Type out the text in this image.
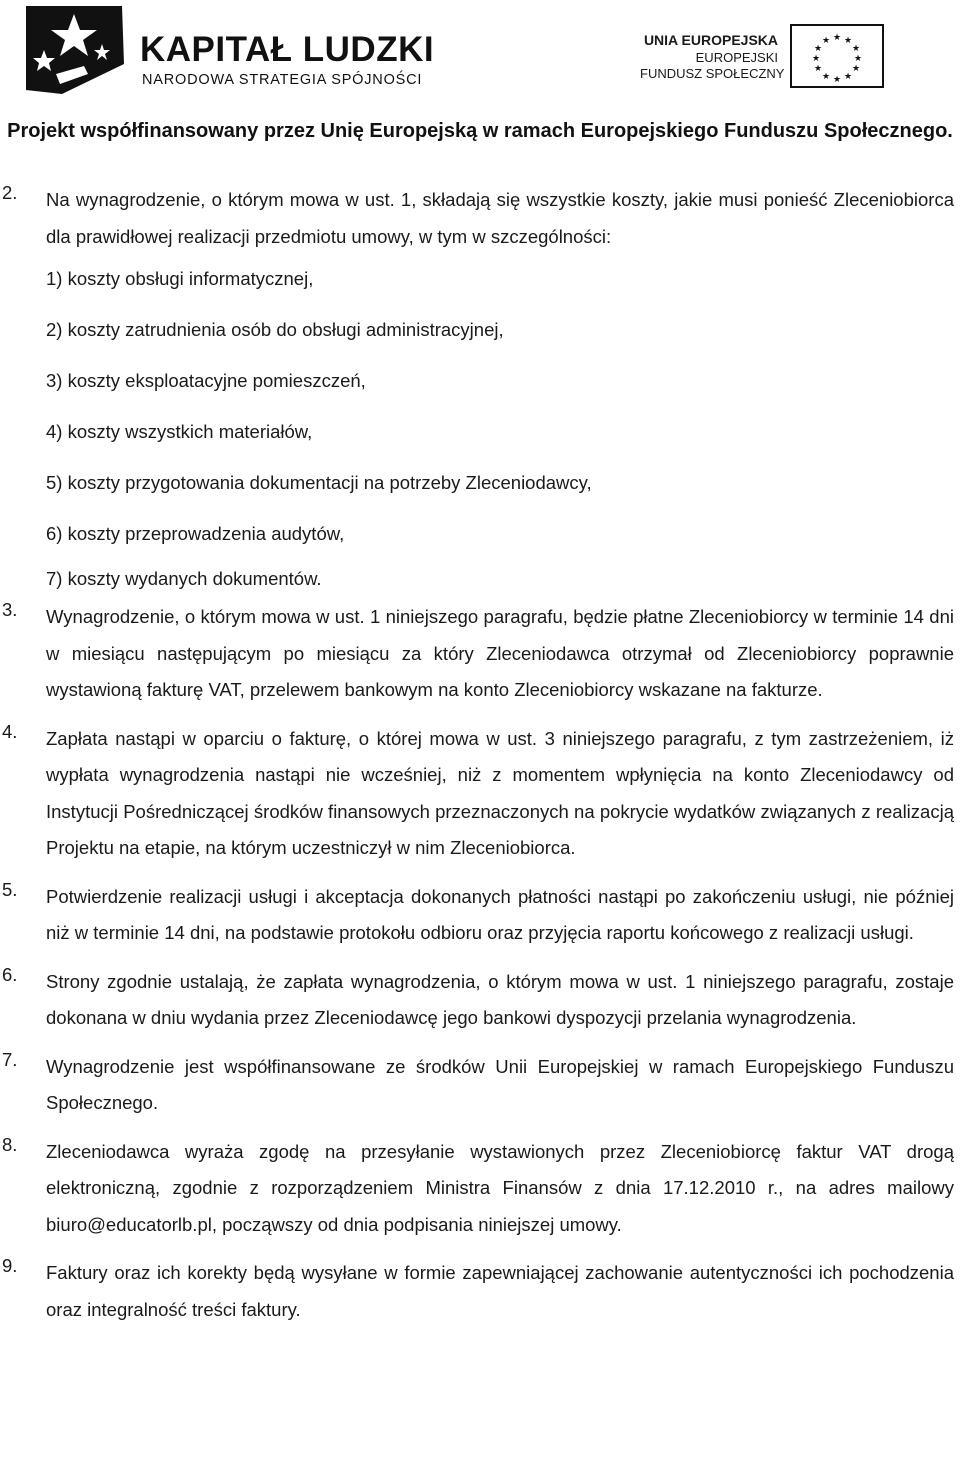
KAPITAŁ LUDZKI
NARODOWA STRATEGIA SPÓJNOŚCI
UNIA EUROPEJSKA
EUROPEJSKI
FUNDUSZ SPOŁECZNY
★ ★
★
★
★
★
★
★
★
★
★
★
Projekt współfinansowany przez Unię Europejską w ramach Europejskiego Funduszu Społecznego.
2. Na wynagrodzenie, o którym mowa w ust. 1, składają się wszystkie koszty, jakie musi ponieść Zleceniobiorca dla prawidłowej realizacji przedmiotu umowy, w tym w szczególności:
1) koszty obsługi informatycznej,
2) koszty zatrudnienia osób do obsługi administracyjnej,
3) koszty eksploatacyjne pomieszczeń,
4) koszty wszystkich materiałów,
5) koszty przygotowania dokumentacji na potrzeby Zleceniodawcy,
6) koszty przeprowadzenia audytów,
7) koszty wydanych dokumentów.
3. Wynagrodzenie, o którym mowa w ust. 1 niniejszego paragrafu, będzie płatne Zleceniobiorcy w terminie 14 dni w miesiącu następującym po miesiącu za który Zleceniodawca otrzymał od Zleceniobiorcy poprawnie wystawioną fakturę VAT, przelewem bankowym na konto Zleceniobiorcy wskazane na fakturze.
4. Zapłata nastąpi w oparciu o fakturę, o której mowa w ust. 3 niniejszego paragrafu, z tym zastrzeżeniem, iż wypłata wynagrodzenia nastąpi nie wcześniej, niż z momentem wpłynięcia na konto Zleceniodawcy od Instytucji Pośredniczącej środków finansowych przeznaczonych na pokrycie wydatków związanych z realizacją Projektu na etapie, na którym uczestniczył w nim Zleceniobiorca.
5. Potwierdzenie realizacji usługi i akceptacja dokonanych płatności nastąpi po zakończeniu usługi, nie później niż w terminie 14 dni, na podstawie protokołu odbioru oraz przyjęcia raportu końcowego z realizacji usługi.
6. Strony zgodnie ustalają, że zapłata wynagrodzenia, o którym mowa w ust. 1 niniejszego paragrafu, zostaje dokonana w dniu wydania przez Zleceniodawcę jego bankowi dyspozycji przelania wynagrodzenia.
7. Wynagrodzenie jest współfinansowane ze środków Unii Europejskiej w ramach Europejskiego Funduszu Społecznego.
8. Zleceniodawca wyraża zgodę na przesyłanie wystawionych przez Zleceniobiorcę faktur VAT drogą elektroniczną, zgodnie z rozporządzeniem Ministra Finansów z dnia 17.12.2010 r., na adres mailowy biuro@educatorlb.pl, począwszy od dnia podpisania niniejszej umowy.
9. Faktury oraz ich korekty będą wysyłane w formie zapewniającej zachowanie autentyczności ich pochodzenia oraz integralność treści faktury.
